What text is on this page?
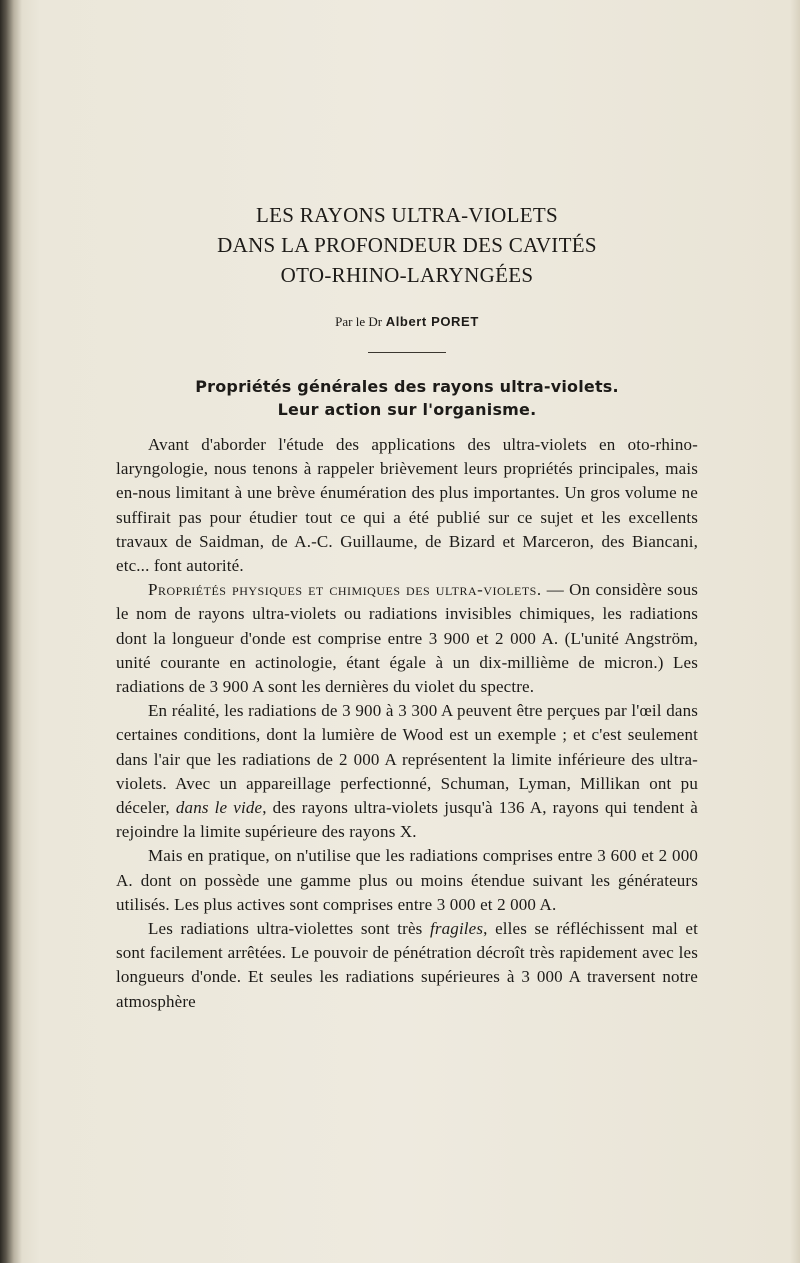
LES RAYONS ULTRA-VIOLETS
DANS LA PROFONDEUR DES CAVITÉS
OTO-RHINO-LARYNGÉES
Par le Dr Albert PORET
Propriétés générales des rayons ultra-violets.
Leur action sur l'organisme.

Avant d'aborder l'étude des applications des ultra-violets en oto-rhino-laryngologie, nous tenons à rappeler brièvement leurs propriétés principales, mais en-nous limitant à une brève énumération des plus importantes. Un gros volume ne suffirait pas pour étudier tout ce qui a été publié sur ce sujet et les excellents travaux de Saidman, de A.-C. Guillaume, de Bizard et Marceron, des Biancani, etc... font autorité.

Propriétés physiques et chimiques des ultra-violets. — On considère sous le nom de rayons ultra-violets ou radiations invisibles chimiques, les radiations dont la longueur d'onde est comprise entre 3 900 et 2 000 A. (L'unité Angström, unité courante en actinologie, étant égale à un dix-millième de micron.) Les radiations de 3 900 A sont les dernières du violet du spectre.

En réalité, les radiations de 3 900 à 3 300 A peuvent être perçues par l'œil dans certaines conditions, dont la lumière de Wood est un exemple ; et c'est seulement dans l'air que les radiations de 2 000 A représentent la limite inférieure des ultra-violets. Avec un appareillage perfectionné, Schuman, Lyman, Millikan ont pu déceler, dans le vide, des rayons ultra-violets jusqu'à 136 A, rayons qui tendent à rejoindre la limite supérieure des rayons X.

Mais en pratique, on n'utilise que les radiations comprises entre 3 600 et 2 000 A. dont on possède une gamme plus ou moins étendue suivant les générateurs utilisés. Les plus actives sont comprises entre 3 000 et 2 000 A.

Les radiations ultra-violettes sont très fragiles, elles se réfléchissent mal et sont facilement arrêtées. Le pouvoir de pénétration décroît très rapidement avec les longueurs d'onde. Et seules les radiations supérieures à 3 000 A traversent notre atmosphère
